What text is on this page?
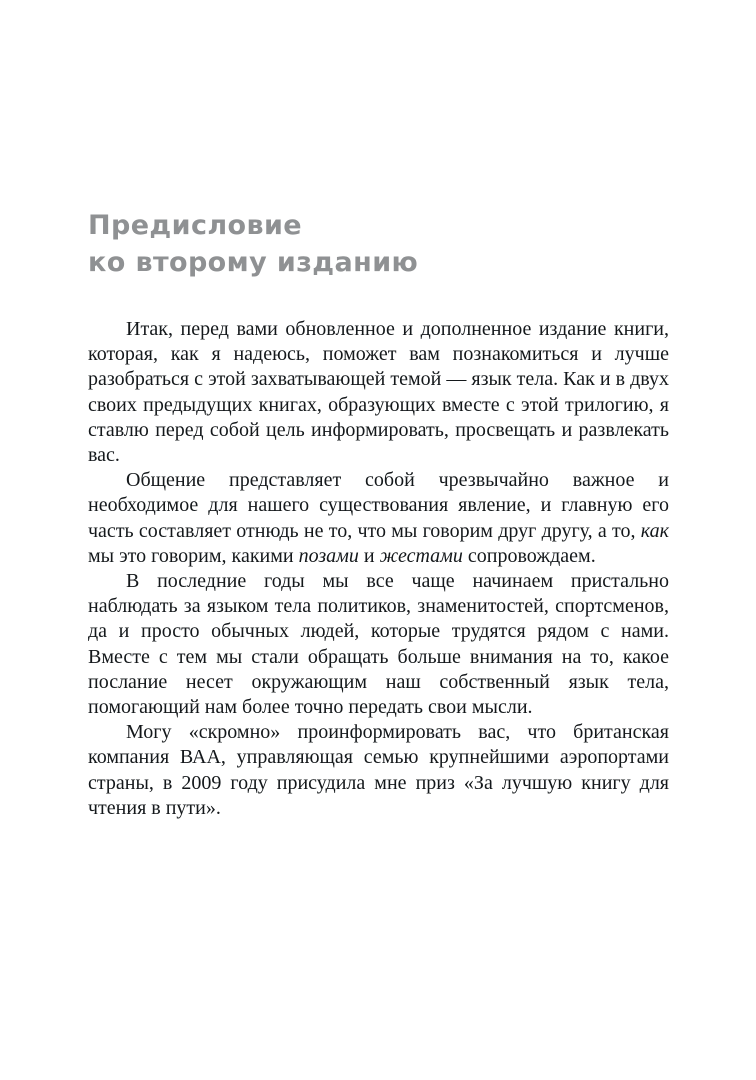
Предисловие
ко второму изданию

Итак, перед вами обновленное и дополненное издание книги, которая, как я надеюсь, поможет вам познакомиться и лучше разобраться с этой захватывающей темой — язык тела. Как и в двух своих предыдущих книгах, образующих вместе с этой трилогию, я ставлю перед собой цель информировать, просвещать и развлекать вас.

Общение представляет собой чрезвычайно важное и необходимое для нашего существования явление, и главную его часть составляет отнюдь не то, что мы говорим друг другу, а то, как мы это говорим, какими позами и жестами сопровождаем.

В последние годы мы все чаще начинаем пристально наблюдать за языком тела политиков, знаменитостей, спортсменов, да и просто обычных людей, которые трудятся рядом с нами. Вместе с тем мы стали обращать больше внимания на то, какое послание несет окружающим наш собственный язык тела, помогающий нам более точно передать свои мысли.

Могу «скромно» проинформировать вас, что британская компания ВАА, управляющая семью крупнейшими аэропортами страны, в 2009 году присудила мне приз «За лучшую книгу для чтения в пути».
